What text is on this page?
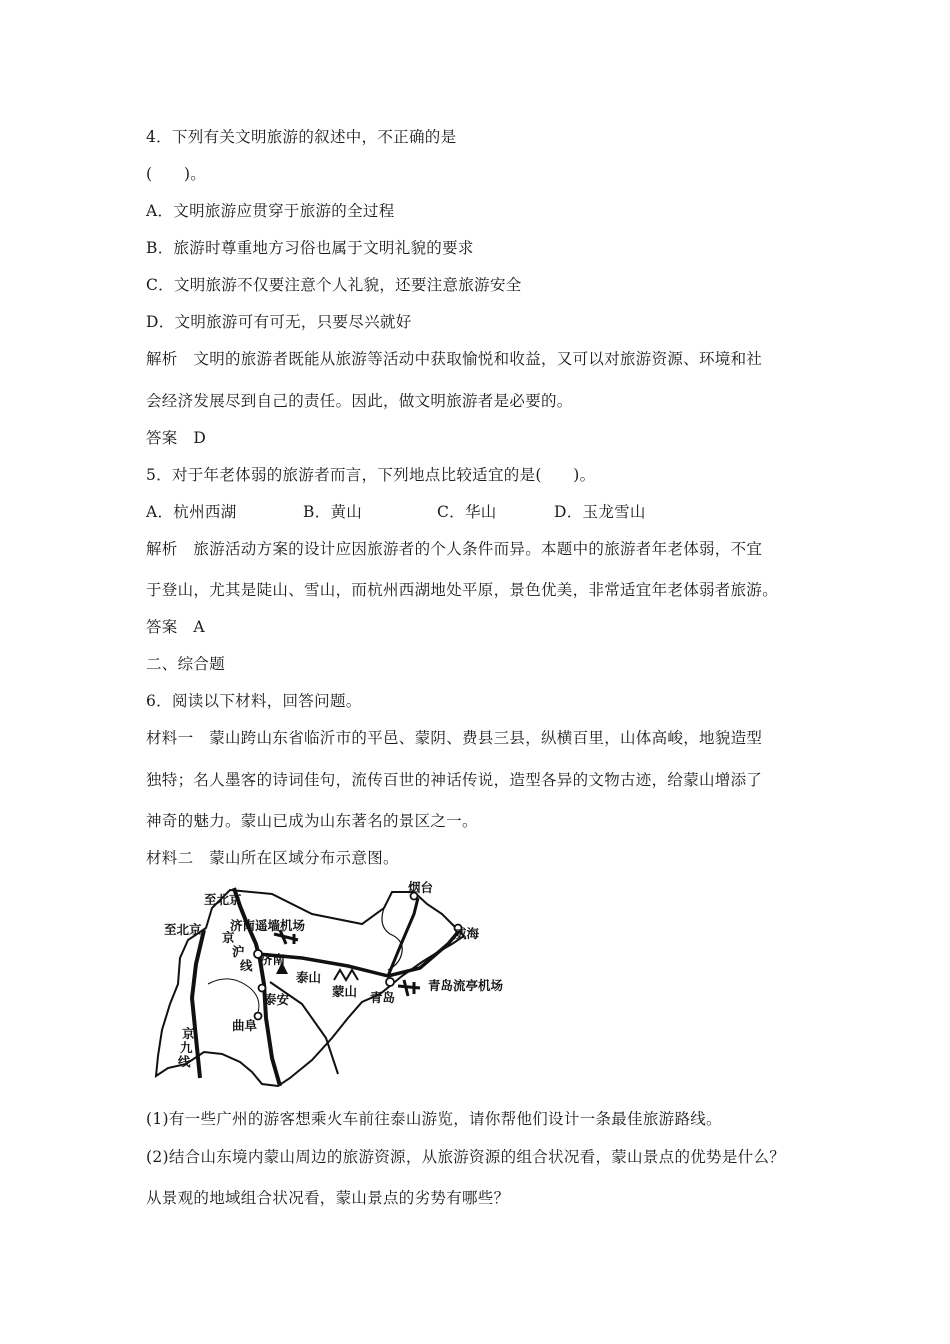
4．下列有关文明旅游的叙述中，不正确的是
(　　)。
A．文明旅游应贯穿于旅游的全过程
B．旅游时尊重地方习俗也属于文明礼貌的要求
C．文明旅游不仅要注意个人礼貌，还要注意旅游安全
D．文明旅游可有可无，只要尽兴就好
解析　文明的旅游者既能从旅游等活动中获取愉悦和收益，又可以对旅游资源、环境和社
会经济发展尽到自己的责任。因此，做文明旅游者是必要的。
答案　D
5．对于年老体弱的旅游者而言，下列地点比较适宜的是(　　)。
A．杭州西湖	B．黄山	C．华山	D．玉龙雪山
解析　旅游活动方案的设计应因旅游者的个人条件而异。本题中的旅游者年老体弱，不宜
于登山，尤其是陡山、雪山，而杭州西湖地处平原，景色优美，非常适宜年老体弱者旅游。
答案　A
二、综合题
6．阅读以下材料，回答问题。
材料一　蒙山跨山东省临沂市的平邑、蒙阴、费县三县，纵横百里，山体高峻，地貌造型
独特；名人墨客的诗词佳句，流传百世的神话传说，造型各异的文物古迹，给蒙山增添了
神奇的魅力。蒙山已成为山东著名的景区之一。
材料二　蒙山所在区域分布示意图。
至北京
至北京 济南遥墙机场
京
沪
线 济南
泰山
泰安
曲阜
京
九
线
蒙山 青岛
青岛流亭机场
烟台
威海
(1)有一些广州的游客想乘火车前往泰山游览，请你帮他们设计一条最佳旅游路线。
(2)结合山东境内蒙山周边的旅游资源，从旅游资源的组合状况看，蒙山景点的优势是什么？
从景观的地域组合状况看，蒙山景点的劣势有哪些？
